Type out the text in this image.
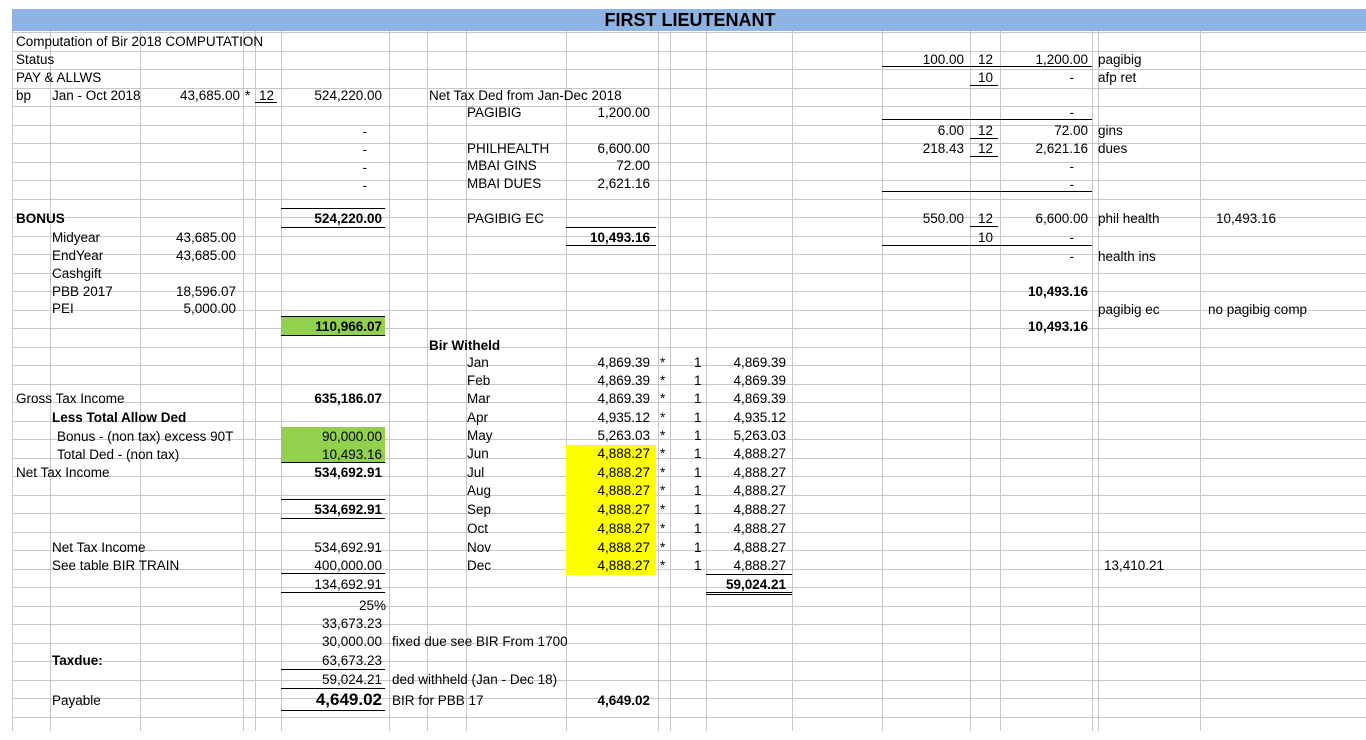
FIRST LIEUTENANT
Computation of Bir 2018 COMPUTATION
Status
PAY & ALLWS
bp Jan - Oct 2018	43,685.00 * 12	524,220.00
-
-
-
-
BONUS	524,220.00
Midyear	43,685.00
EndYear	43,685.00
Cashgift
PBB 2017	18,596.07
PEI	5,000.00
110,966.07
Gross Tax Income	635,186.07
Less Total Allow Ded
Bonus - (non tax) excess 90T	90,000.00
Total Ded - (non tax)	10,493.16
Net Tax Income	534,692.91
534,692.91
Net Tax Income	534,692.91
See table BIR TRAIN	400,000.00
134,692.91
25%
33,673.23
30,000.00 fixed due see BIR From 1700
Taxdue:	63,673.23
59,024.21 ded withheld (Jan - Dec 18)
Payable	4,649.02 BIR for PBB 17	4,649.02
Net Tax Ded from Jan-Dec 2018
PAGIBIG	1,200.00
PHILHEALTH	6,600.00
MBAI GINS	72.00
MBAI DUES	2,621.16
PAGIBIG EC
10,493.16
Bir Witheld
Jan	4,869.39 * 1	4,869.39
Feb	4,869.39 * 1	4,869.39
Mar	4,869.39 * 1	4,869.39
Apr	4,935.12 * 1	4,935.12
May	5,263.03 * 1	5,263.03
Jun	4,888.27 * 1	4,888.27
Jul	4,888.27 * 1	4,888.27
Aug	4,888.27 * 1	4,888.27
Sep	4,888.27 * 1	4,888.27
Oct	4,888.27 * 1	4,888.27
Nov	4,888.27 * 1	4,888.27
Dec	4,888.27 * 1	4,888.27
59,024.21
100.00 12	1,200.00 pagibig
10	- afp ret
-
6.00 12	72.00 gins
218.43 12	2,621.16 dues
-
-
550.00 12	6,600.00 phil health	10,493.16
10	-
- health ins
10,493.16
pagibig ec	no pagibig comp
10,493.16
13,410.21
